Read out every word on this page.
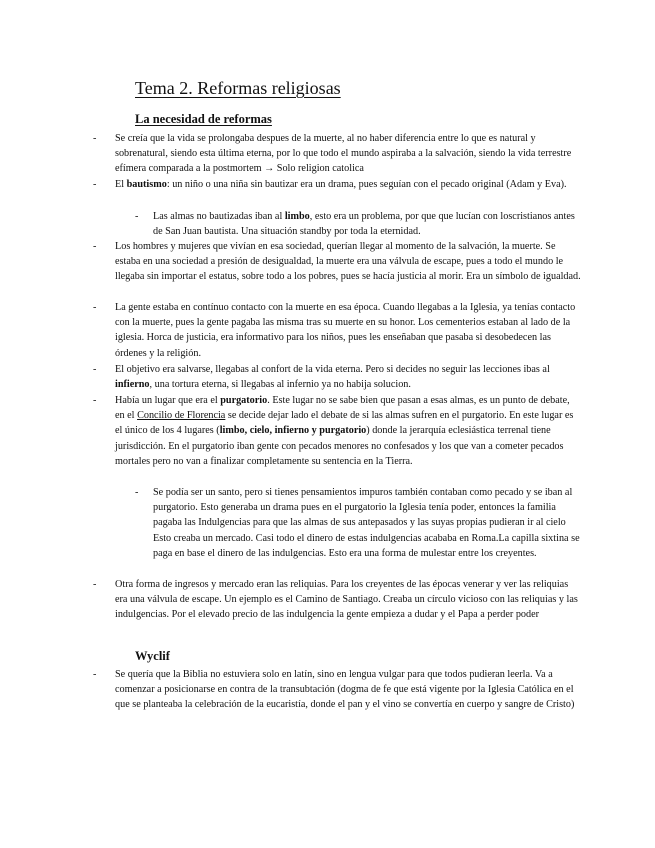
Tema 2. Reformas religiosas
La necesidad de reformas
- Se creía que la vida se prolongaba despues de la muerte, al no haber diferencia entre lo que es natural y sobrenatural, siendo esta última eterna, por lo que todo el mundo aspiraba a la salvación, siendo la vida terrestre efímera comparada a la postmortem → Solo religion catolica
- El bautismo: un niño o una niña sin bautizar era un drama, pues seguían con el pecado original (Adam y Eva).
- Las almas no bautizadas iban al limbo, esto era un problema, por que que lucían con loscristianos antes de San Juan bautista. Una situación standby por toda la eternidad.
- Los hombres y mujeres que vivían en esa sociedad, querían llegar al momento de la salvación, la muerte. Se estaba en una sociedad a presión de desigualdad, la muerte era una válvula de escape, pues a todo el mundo le llegaba sin importar el estatus, sobre todo a los pobres, pues se hacía justicia al morir. Era un símbolo de igualdad.
- La gente estaba en contínuo contacto con la muerte en esa época. Cuando llegabas a la Iglesia, ya tenías contacto con la muerte, pues la gente pagaba las misma tras su muerte en su honor. Los cementerios estaban al lado de la iglesia. Horca de justicia, era informativo para los niños, pues les enseñaban que pasaba si desobedecen las órdenes y la religión.
- El objetivo era salvarse, llegabas al confort de la vida eterna. Pero si decides no seguir las lecciones ibas al infierno, una tortura eterna, si llegabas al infernio ya no habija solucion.
- Había un lugar que era el purgatorio. Este lugar no se sabe bien que pasan a esas almas, es un punto de debate, en el Concilio de Florencia se decide dejar lado el debate de si las almas sufren en el purgatorio. En este lugar es el único de los 4 lugares (limbo, cielo, infierno y purgatorio) donde la jerarquía eclesiástica terrenal tiene jurisdicción. En el purgatorio iban gente con pecados menores no confesados y los que van a cometer pecados mortales pero no van a finalizar completamente su sentencia en la Tierra.
- Se podía ser un santo, pero si tienes pensamientos impuros también contaban como pecado y se iban al purgatorio. Esto generaba un drama pues en el purgatorio la Iglesia tenía poder, entonces la familia pagaba las Indulgencias para que las almas de sus antepasados y las suyas propias pudieran ir al cielo Esto creaba un mercado. Casi todo el dinero de estas indulgencias acababa en Roma.La capilla sixtina se paga en base el dinero de las indulgencias. Esto era una forma de mulestar entre los creyentes.
- Otra forma de ingresos y mercado eran las reliquias. Para los creyentes de las épocas venerar y ver las reliquias era una válvula de escape. Un ejemplo es el Camino de Santiago. Creaba un círculo vicioso con las reliquias y las indulgencias. Por el elevado precio de las indulgencia la gente empieza a dudar y el Papa a perder poder
Wyclif
- Se quería que la Biblia no estuviera solo en latín, sino en lengua vulgar para que todos pudieran leerla. Va a comenzar a posicionarse en contra de la transubtación (dogma de fe que está vigente por la Iglesia Católica en el que se planteaba la celebración de la eucaristía, donde el pan y el vino se convertía en cuerpo y sangre de Cristo)
